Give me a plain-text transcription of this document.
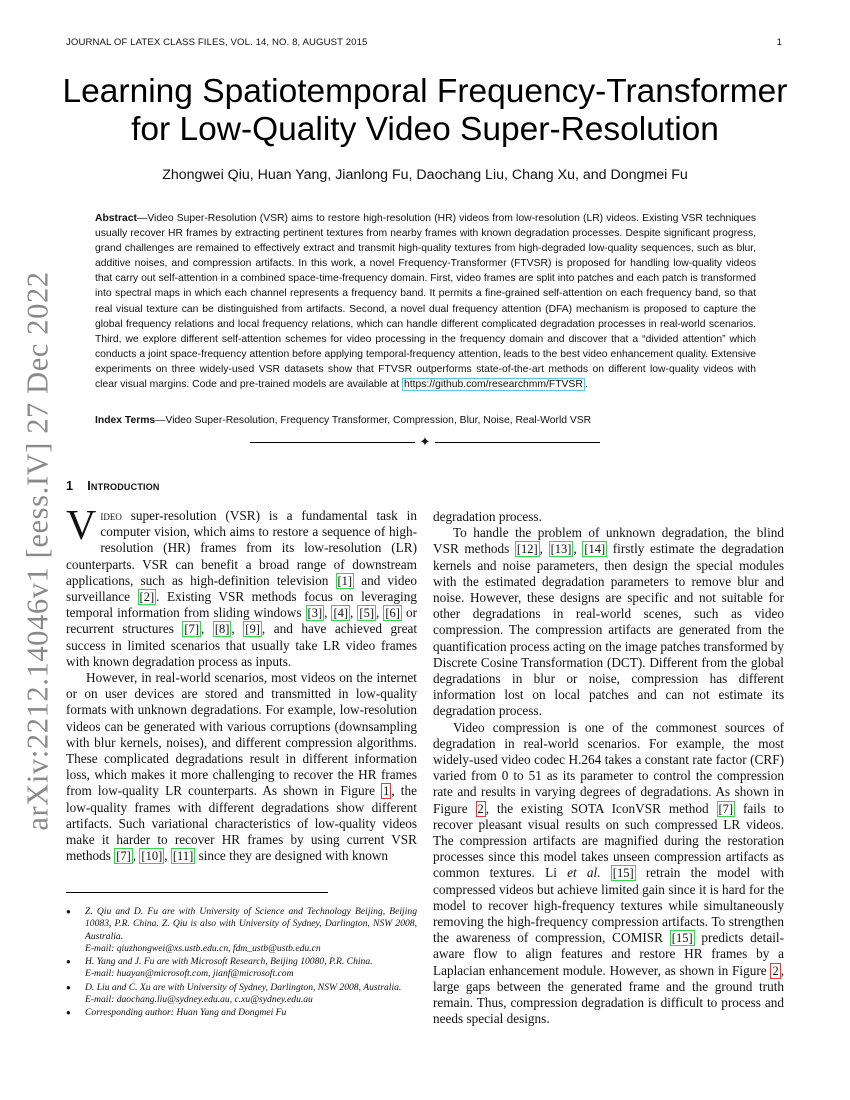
arXiv:2212.14046v1 [eess.IV] 27 Dec 2022
JOURNAL OF LATEX CLASS FILES, VOL. 14, NO. 8, AUGUST 2015	1
Learning Spatiotemporal Frequency-Transformer
for Low-Quality Video Super-Resolution
Zhongwei Qiu, Huan Yang, Jianlong Fu, Daochang Liu, Chang Xu, and Dongmei Fu
Abstract—Video Super-Resolution (VSR) aims to restore high-resolution (HR) videos from low-resolution (LR) videos. Existing VSR techniques usually recover HR frames by extracting pertinent textures from nearby frames with known degradation processes. Despite significant progress, grand challenges are remained to effectively extract and transmit high-quality textures from high-degraded low-quality sequences, such as blur, additive noises, and compression artifacts. In this work, a novel Frequency-Transformer (FTVSR) is proposed for handling low-quality videos that carry out self-attention in a combined space-time-frequency domain. First, video frames are split into patches and each patch is transformed into spectral maps in which each channel represents a frequency band. It permits a fine-grained self-attention on each frequency band, so that real visual texture can be distinguished from artifacts. Second, a novel dual frequency attention (DFA) mechanism is proposed to capture the global frequency relations and local frequency relations, which can handle different complicated degradation processes in real-world scenarios. Third, we explore different self-attention schemes for video processing in the frequency domain and discover that a “divided attention” which conducts a joint space-frequency attention before applying temporal-frequency attention, leads to the best video enhancement quality. Extensive experiments on three widely-used VSR datasets show that FTVSR outperforms state-of-the-art methods on different low-quality videos with clear visual margins. Code and pre-trained models are available at https://github.com/researchmm/FTVSR .
Index Terms—Video Super-Resolution, Frequency Transformer, Compression, Blur, Noise, Real-World VSR
✦
1 Introduction

Video super-resolution (VSR) is a fundamental task in computer vision, which aims to restore a sequence of high-resolution (HR) frames from its low-resolution (LR) counterparts. VSR can benefit a broad range of downstream applications, such as high-definition television [1] and video surveillance [2] . Existing VSR methods focus on leveraging temporal information from sliding windows [3] , [4] , [5] , [6] or recurrent structures [7] , [8] , [9] , and have achieved great success in limited scenarios that usually take LR video frames with known degradation process as inputs.

However, in real-world scenarios, most videos on the internet or on user devices are stored and transmitted in low-quality formats with unknown degradations. For example, low-resolution videos can be generated with various corruptions (downsampling with blur kernels, noises), and different compression algorithms. These complicated degradations result in different information loss, which makes it more challenging to recover the HR frames from low-quality LR counterparts. As shown in Figure 1 , the low-quality frames with different degradations show different artifacts. Such variational characteristics of low-quality videos make it harder to recover HR frames by using current VSR methods [7] , [10] , [11] since they are designed with known

● Z. Qiu and D. Fu are with University of Science and Technology Beijing, Beijing 10083, P.R. China. Z. Qiu is also with University of Sydney, Darlington, NSW 2008, Australia.
E-mail: qiuzhongwei@xs.ustb.edu.cn, fdm_ustb@ustb.edu.cn
● H. Yang and J. Fu are with Microsoft Research, Beijing 10080, P.R. China.
E-mail: huayan@microsoft.com, jianf@microsoft.com
● D. Liu and C. Xu are with University of Sydney, Darlington, NSW 2008, Australia.
E-mail: daochang.liu@sydney.edu.au, c.xu@sydney.edu.au
● Corresponding author: Huan Yang and Dongmei Fu

degradation process.

To handle the problem of unknown degradation, the blind VSR methods [12] , [13] , [14] firstly estimate the degradation kernels and noise parameters, then design the special modules with the estimated degradation parameters to remove blur and noise. However, these designs are specific and not suitable for other degradations in real-world scenes, such as video compression. The compression artifacts are generated from the quantification process acting on the image patches transformed by Discrete Cosine Transformation (DCT). Different from the global degradations in blur or noise, compression has different information lost on local patches and can not estimate its degradation process.

Video compression is one of the commonest sources of degradation in real-world scenarios. For example, the most widely-used video codec H.264 takes a constant rate factor (CRF) varied from 0 to 51 as its parameter to control the compression rate and results in varying degrees of degradations. As shown in Figure 2 , the existing SOTA IconVSR method [7] fails to recover pleasant visual results on such compressed LR videos. The compression artifacts are magnified during the restoration processes since this model takes unseen compression artifacts as common textures. Li et al. [15] retrain the model with compressed videos but achieve limited gain since it is hard for the model to recover high-frequency textures while simultaneously removing the high-frequency compression artifacts. To strengthen the awareness of compression, COMISR [15] predicts detail-aware flow to align features and restore HR frames by a Laplacian enhancement module. However, as shown in Figure 2 , large gaps between the generated frame and the ground truth remain. Thus, compression degradation is difficult to process and needs special designs.
